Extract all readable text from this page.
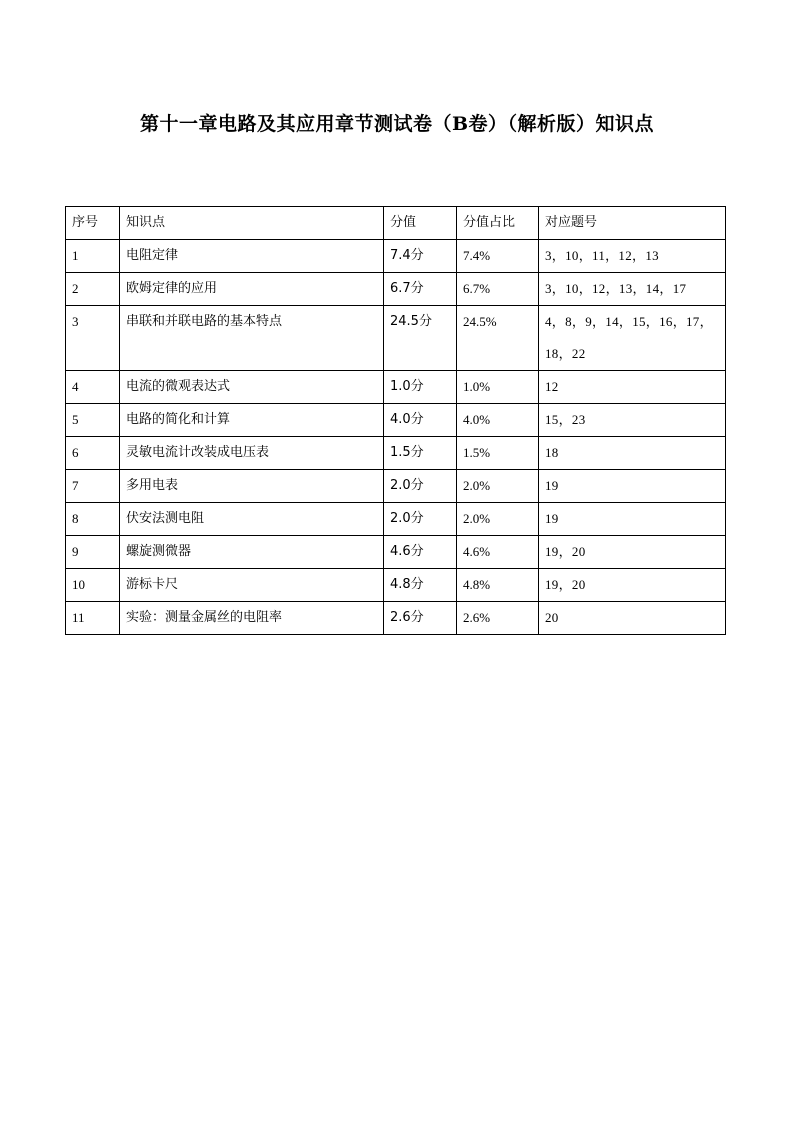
第十一章电路及其应用章节测试卷（B卷）（解析版）知识点
序号	知识点	分值	分值占比	对应题号
1	电阻定律	7.4分	7.4%	3，10，11，12，13
2	欧姆定律的应用	6.7分	6.7%	3，10，12，13，14，17
3	串联和并联电路的基本特点	24.5分	24.5%	4，8，9，14，15，16，17，18，22
4	电流的微观表达式	1.0分	1.0%	12
5	电路的简化和计算	4.0分	4.0%	15，23
6	灵敏电流计改装成电压表	1.5分	1.5%	18
7	多用电表	2.0分	2.0%	19
8	伏安法测电阻	2.0分	2.0%	19
9	螺旋测微器	4.6分	4.6%	19，20
10	游标卡尺	4.8分	4.8%	19，20
11	实验：测量金属丝的电阻率	2.6分	2.6%	20
